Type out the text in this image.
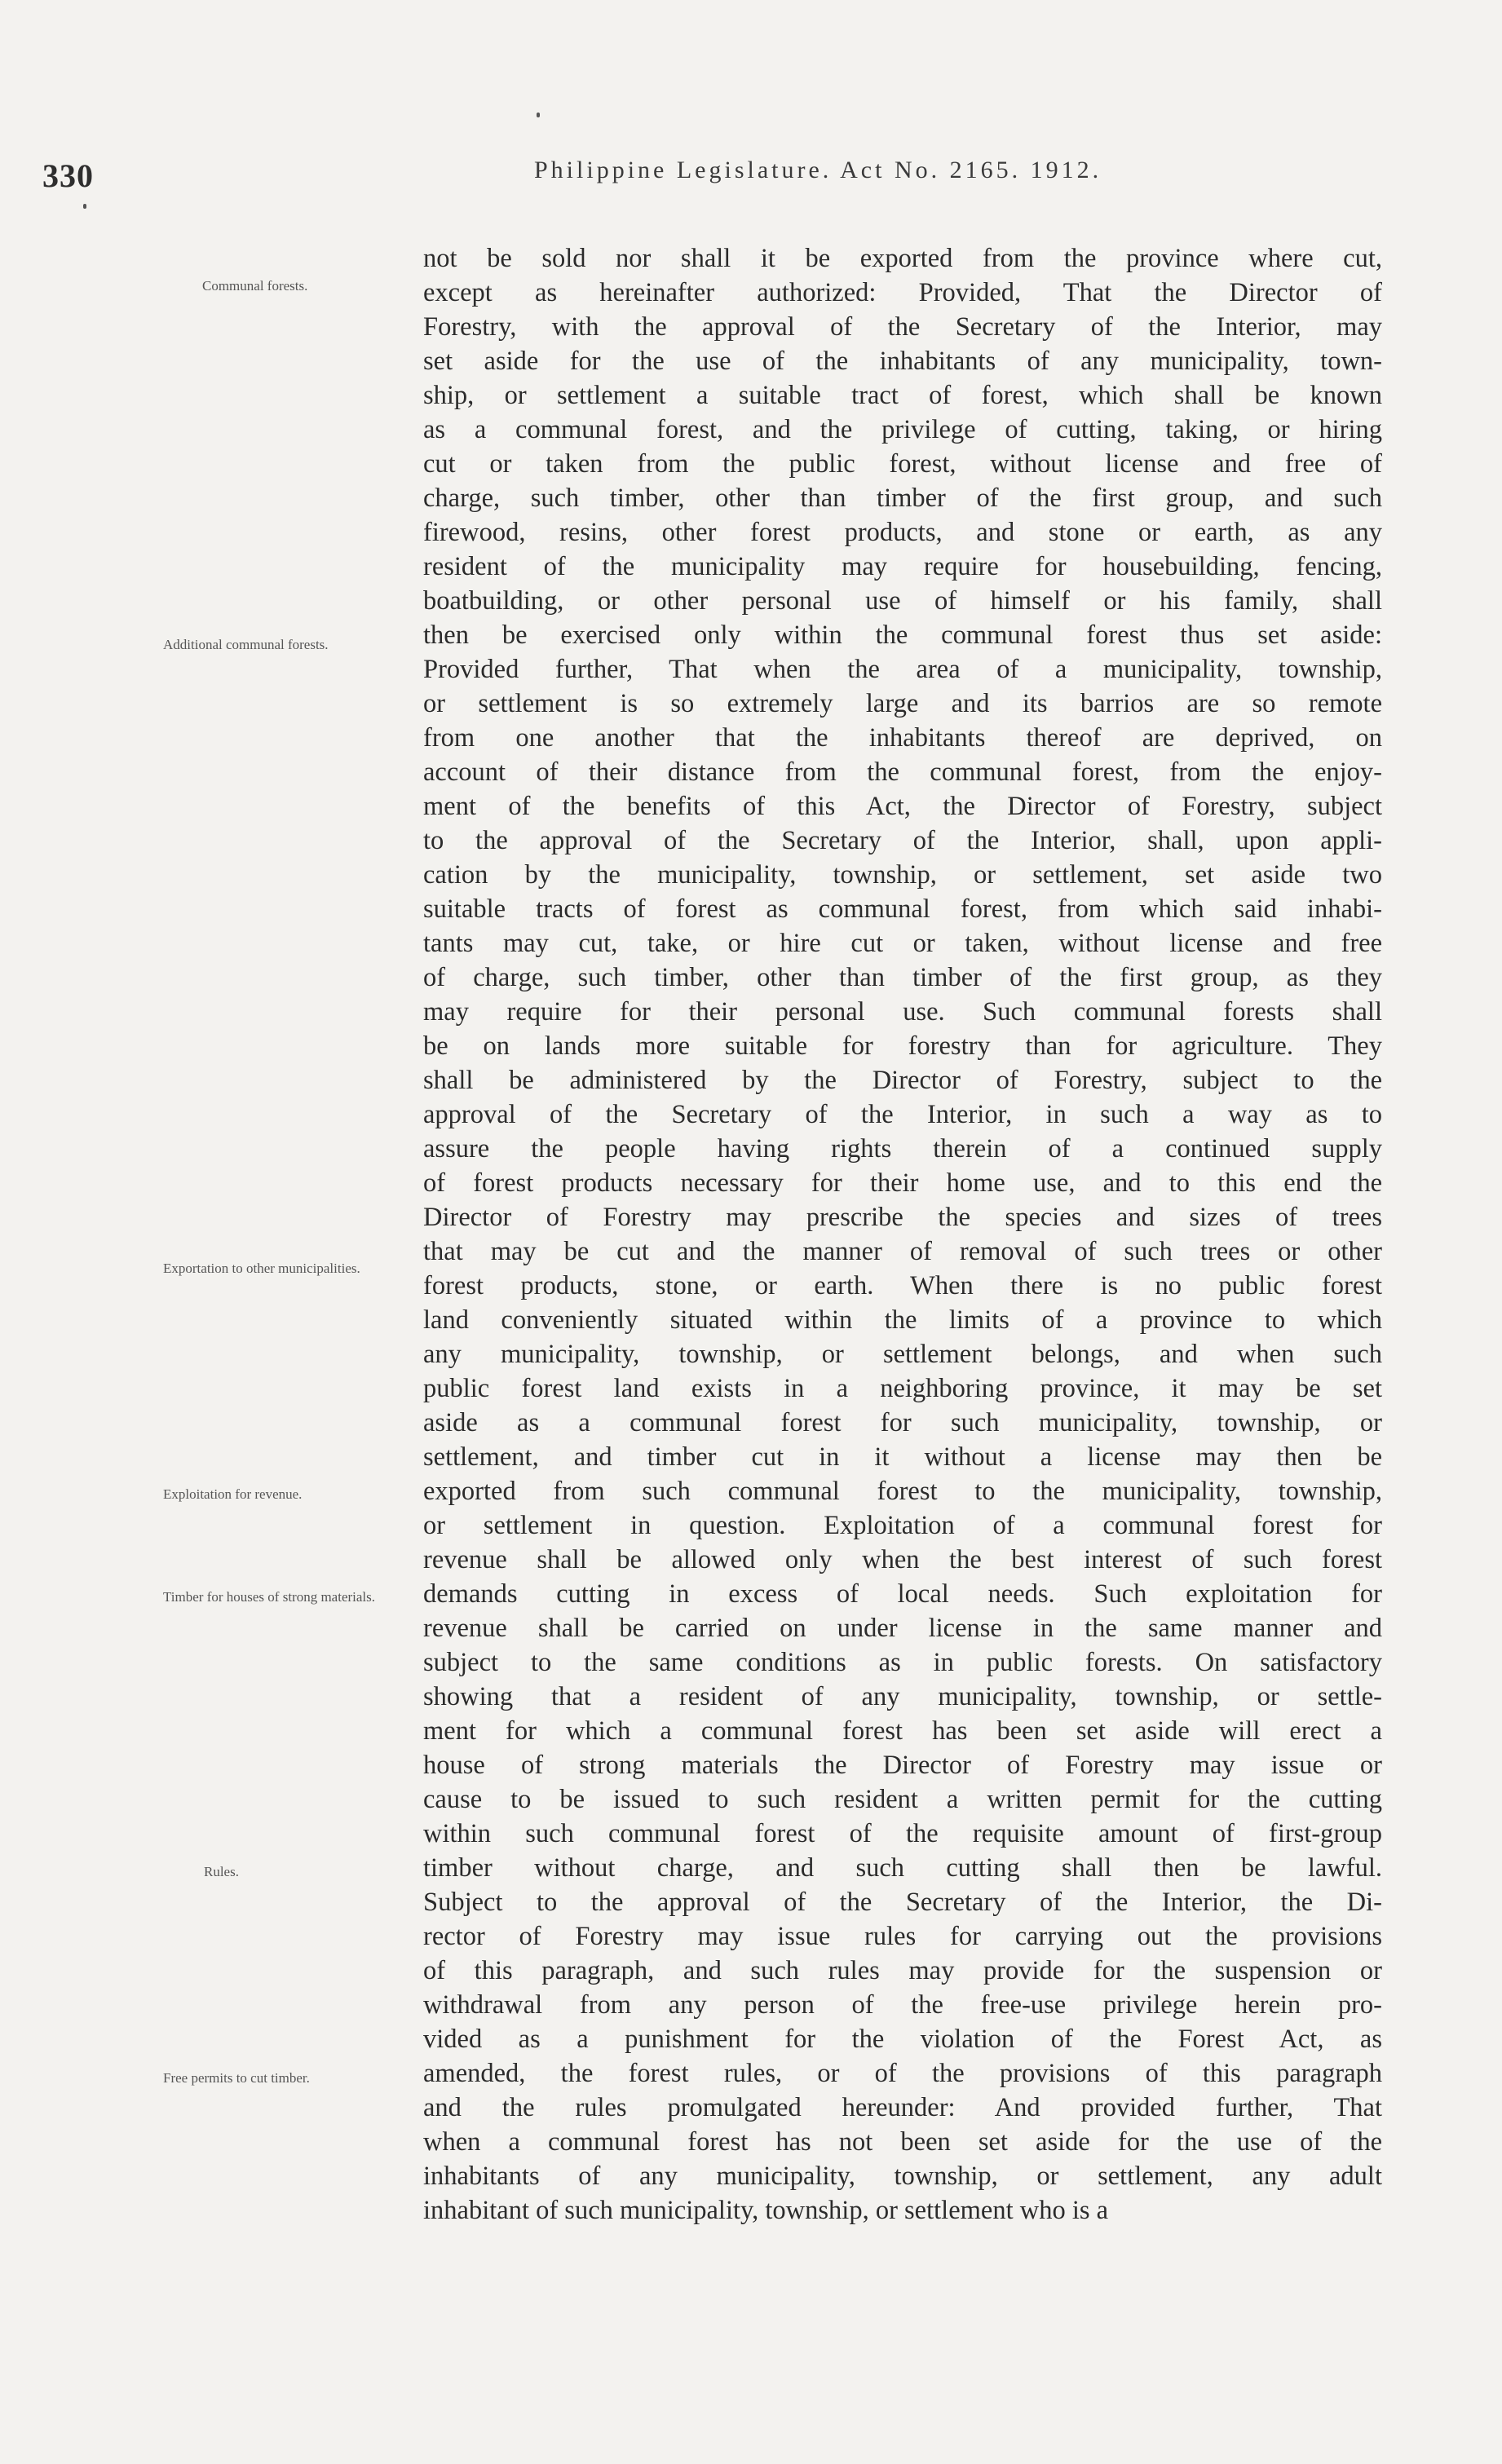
330	Philippine Legislature. Act No. 2165. 1912.
Communal forests.
Additional communal forests.
Exportation to other municipalities.
Exploitation for revenue.
Timber for houses of strong materials.
Rules.
Free permits to cut timber.
not be sold nor shall it be exported from the province where cut,
except as hereinafter authorized: Provided, That the Director of
Forestry, with the approval of the Secretary of the Interior, may
set aside for the use of the inhabitants of any municipality, town-
ship, or settlement a suitable tract of forest, which shall be known
as a communal forest, and the privilege of cutting, taking, or hiring
cut or taken from the public forest, without license and free of
charge, such timber, other than timber of the first group, and such
firewood, resins, other forest products, and stone or earth, as any
resident of the municipality may require for housebuilding, fencing,
boatbuilding, or other personal use of himself or his family, shall
then be exercised only within the communal forest thus set aside:
Provided further, That when the area of a municipality, township,
or settlement is so extremely large and its barrios are so remote
from one another that the inhabitants thereof are deprived, on
account of their distance from the communal forest, from the enjoy-
ment of the benefits of this Act, the Director of Forestry, subject
to the approval of the Secretary of the Interior, shall, upon appli-
cation by the municipality, township, or settlement, set aside two
suitable tracts of forest as communal forest, from which said inhabi-
tants may cut, take, or hire cut or taken, without license and free
of charge, such timber, other than timber of the first group, as they
may require for their personal use. Such communal forests shall
be on lands more suitable for forestry than for agriculture. They
shall be administered by the Director of Forestry, subject to the
approval of the Secretary of the Interior, in such a way as to
assure the people having rights therein of a continued supply
of forest products necessary for their home use, and to this end the
Director of Forestry may prescribe the species and sizes of trees
that may be cut and the manner of removal of such trees or other
forest products, stone, or earth. When there is no public forest
land conveniently situated within the limits of a province to which
any municipality, township, or settlement belongs, and when such
public forest land exists in a neighboring province, it may be set
aside as a communal forest for such municipality, township, or
settlement, and timber cut in it without a license may then be
exported from such communal forest to the municipality, township,
or settlement in question. Exploitation of a communal forest for
revenue shall be allowed only when the best interest of such forest
demands cutting in excess of local needs. Such exploitation for
revenue shall be carried on under license in the same manner and
subject to the same conditions as in public forests. On satisfactory
showing that a resident of any municipality, township, or settle-
ment for which a communal forest has been set aside will erect a
house of strong materials the Director of Forestry may issue or
cause to be issued to such resident a written permit for the cutting
within such communal forest of the requisite amount of first-group
timber without charge, and such cutting shall then be lawful.
Subject to the approval of the Secretary of the Interior, the Di-
rector of Forestry may issue rules for carrying out the provisions
of this paragraph, and such rules may provide for the suspension or
withdrawal from any person of the free-use privilege herein pro-
vided as a punishment for the violation of the Forest Act, as
amended, the forest rules, or of the provisions of this paragraph
and the rules promulgated hereunder: And provided further, That
when a communal forest has not been set aside for the use of the
inhabitants of any municipality, township, or settlement, any adult
inhabitant of such municipality, township, or settlement who is a
